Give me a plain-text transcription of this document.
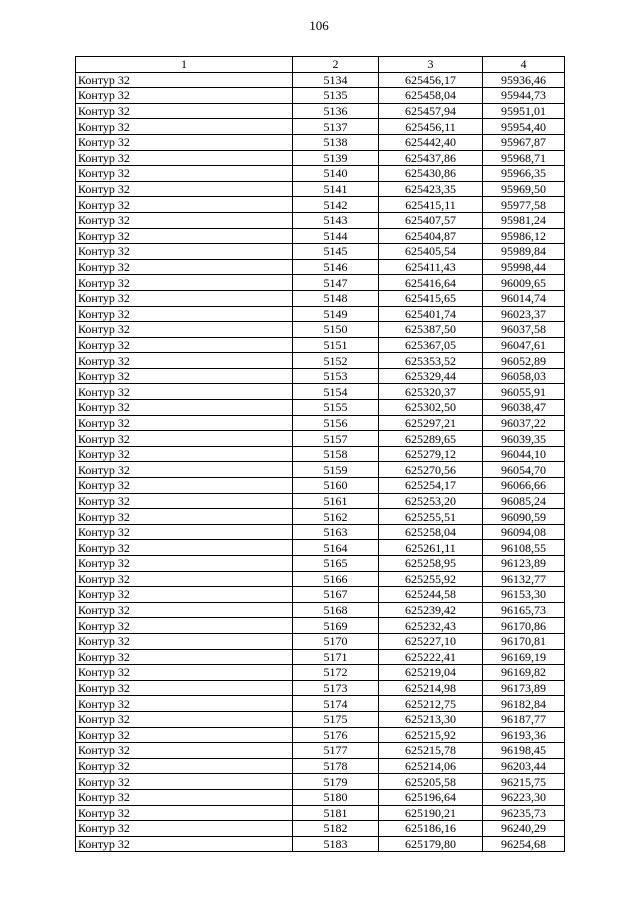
106
1	2	3	4
Контур 32	5134	625456,17	95936,46
Контур 32	5135	625458,04	95944,73
Контур 32	5136	625457,94	95951,01
Контур 32	5137	625456,11	95954,40
Контур 32	5138	625442,40	95967,87
Контур 32	5139	625437,86	95968,71
Контур 32	5140	625430,86	95966,35
Контур 32	5141	625423,35	95969,50
Контур 32	5142	625415,11	95977,58
Контур 32	5143	625407,57	95981,24
Контур 32	5144	625404,87	95986,12
Контур 32	5145	625405,54	95989,84
Контур 32	5146	625411,43	95998,44
Контур 32	5147	625416,64	96009,65
Контур 32	5148	625415,65	96014,74
Контур 32	5149	625401,74	96023,37
Контур 32	5150	625387,50	96037,58
Контур 32	5151	625367,05	96047,61
Контур 32	5152	625353,52	96052,89
Контур 32	5153	625329,44	96058,03
Контур 32	5154	625320,37	96055,91
Контур 32	5155	625302,50	96038,47
Контур 32	5156	625297,21	96037,22
Контур 32	5157	625289,65	96039,35
Контур 32	5158	625279,12	96044,10
Контур 32	5159	625270,56	96054,70
Контур 32	5160	625254,17	96066,66
Контур 32	5161	625253,20	96085,24
Контур 32	5162	625255,51	96090,59
Контур 32	5163	625258,04	96094,08
Контур 32	5164	625261,11	96108,55
Контур 32	5165	625258,95	96123,89
Контур 32	5166	625255,92	96132,77
Контур 32	5167	625244,58	96153,30
Контур 32	5168	625239,42	96165,73
Контур 32	5169	625232,43	96170,86
Контур 32	5170	625227,10	96170,81
Контур 32	5171	625222,41	96169,19
Контур 32	5172	625219,04	96169,82
Контур 32	5173	625214,98	96173,89
Контур 32	5174	625212,75	96182,84
Контур 32	5175	625213,30	96187,77
Контур 32	5176	625215,92	96193,36
Контур 32	5177	625215,78	96198,45
Контур 32	5178	625214,06	96203,44
Контур 32	5179	625205,58	96215,75
Контур 32	5180	625196,64	96223,30
Контур 32	5181	625190,21	96235,73
Контур 32	5182	625186,16	96240,29
Контур 32	5183	625179,80	96254,68
